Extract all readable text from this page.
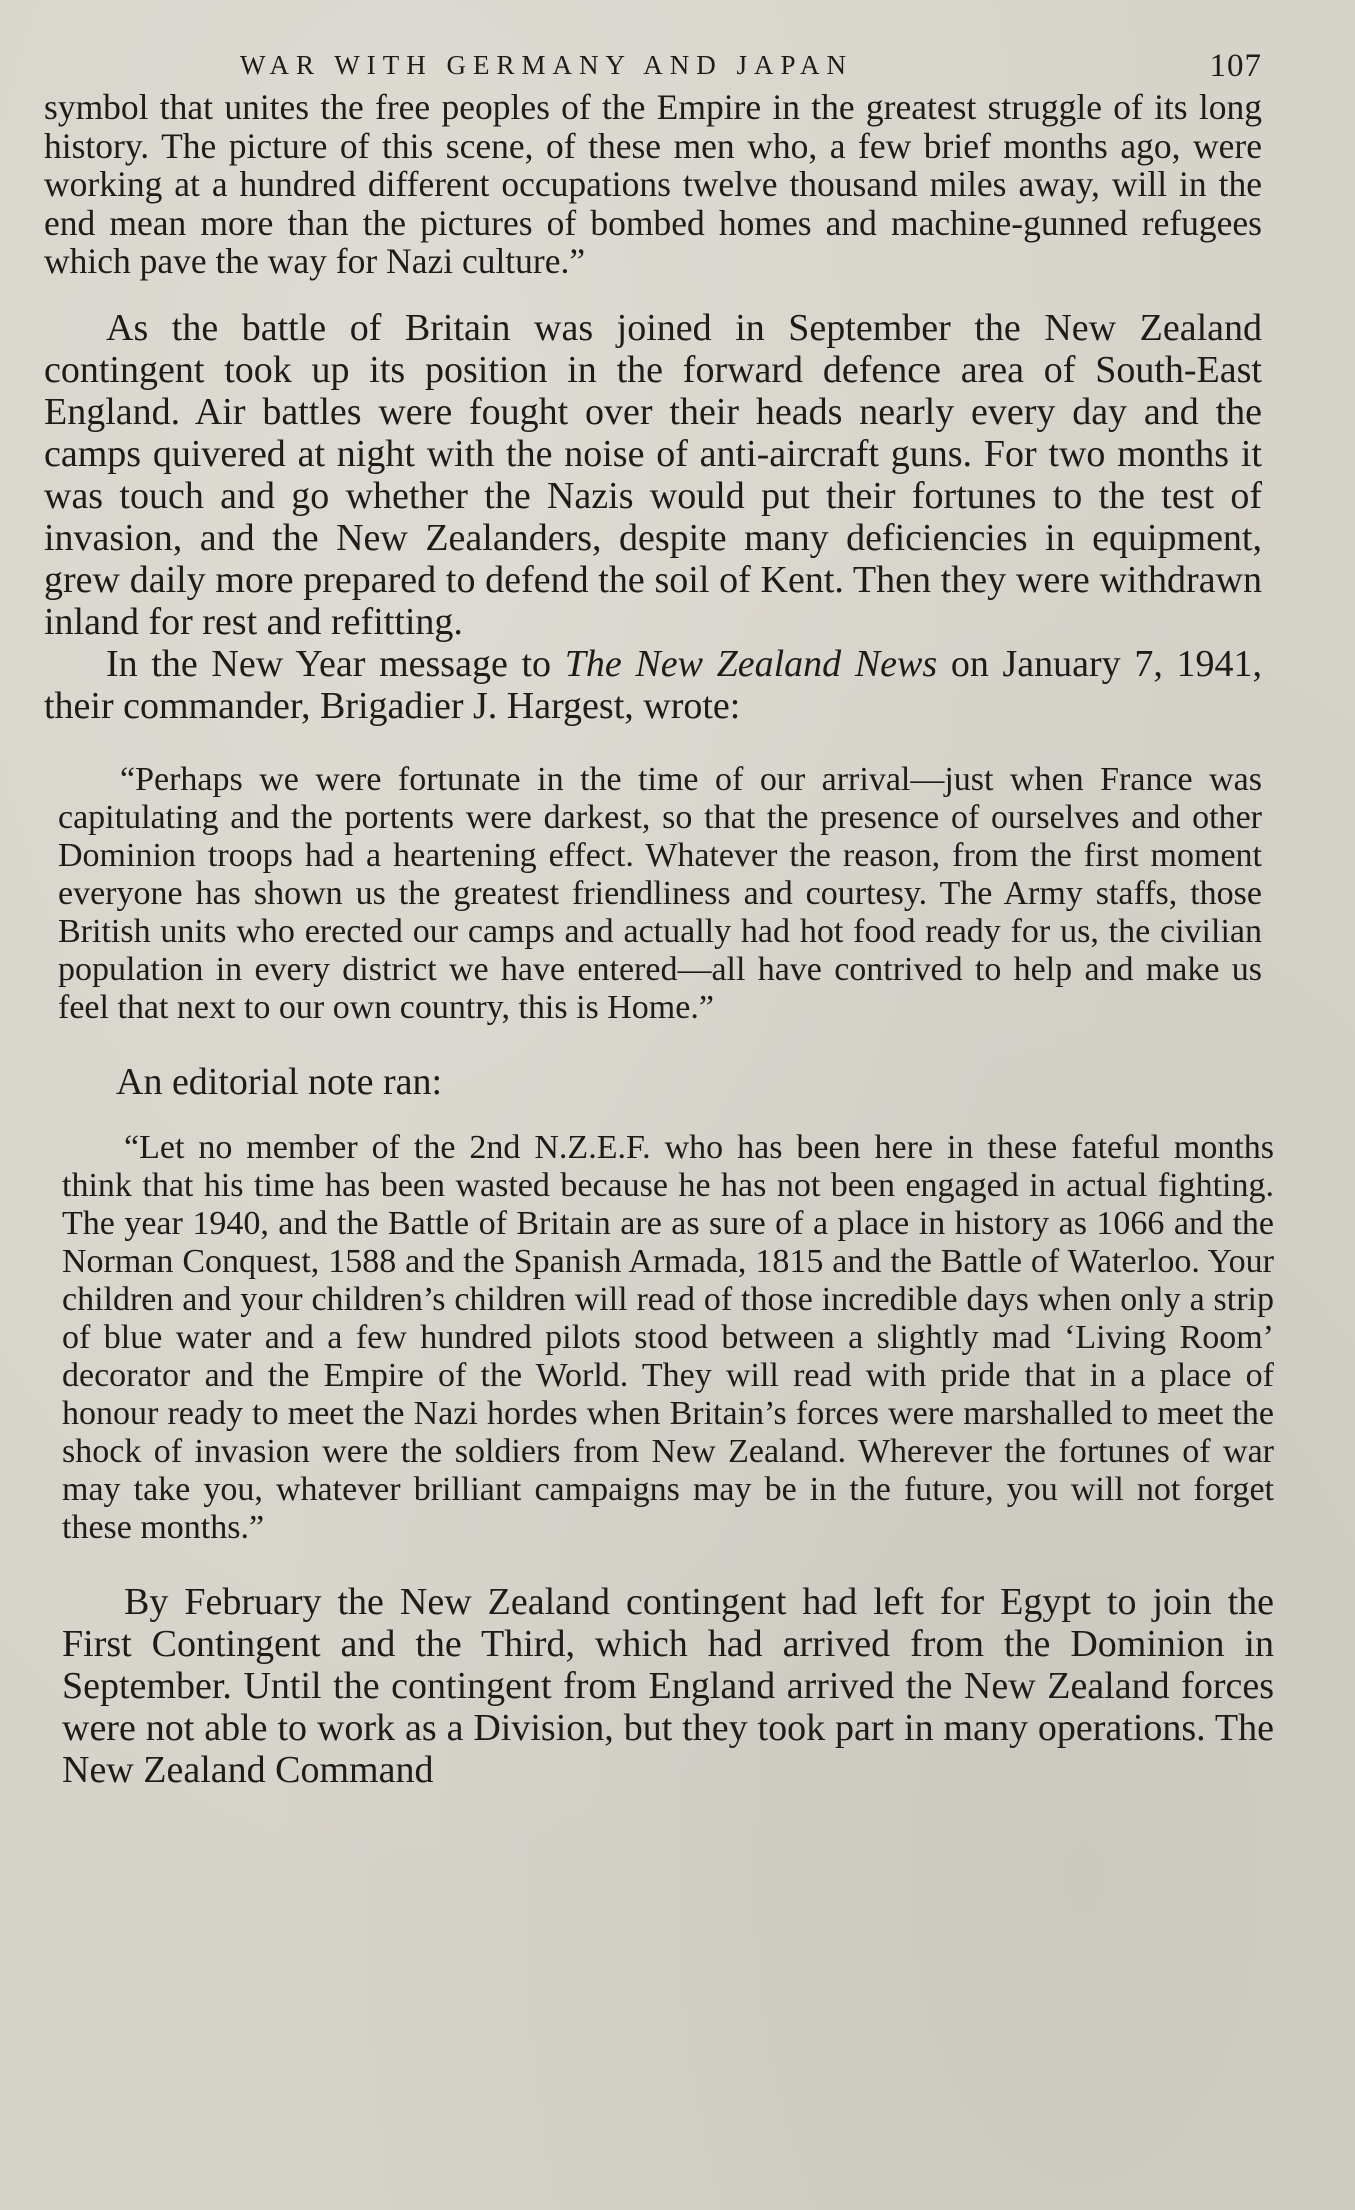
WAR WITH GERMANY AND JAPAN	107

symbol that unites the free peoples of the Empire in the greatest struggle of its long history. The picture of this scene, of these men who, a few brief months ago, were working at a hundred different occupations twelve thousand miles away, will in the end mean more than the pictures of bombed homes and machine-gunned refugees which pave the way for Nazi culture.”

As the battle of Britain was joined in September the New Zealand contingent took up its position in the forward defence area of South-East England. Air battles were fought over their heads nearly every day and the camps quivered at night with the noise of anti-aircraft guns. For two months it was touch and go whether the Nazis would put their fortunes to the test of invasion, and the New Zealanders, despite many deficiencies in equipment, grew daily more prepared to defend the soil of Kent. Then they were withdrawn inland for rest and refitting.

In the New Year message to The New Zealand News on January 7, 1941, their commander, Brigadier J. Hargest, wrote:

“Perhaps we were fortunate in the time of our arrival—just when France was capitulating and the portents were darkest, so that the presence of ourselves and other Dominion troops had a heartening effect. Whatever the reason, from the first moment everyone has shown us the greatest friendliness and courtesy. The Army staffs, those British units who erected our camps and actually had hot food ready for us, the civilian population in every district we have entered—all have contrived to help and make us feel that next to our own country, this is Home.”

An editorial note ran:

“Let no member of the 2nd N.Z.E.F. who has been here in these fateful months think that his time has been wasted because he has not been engaged in actual fighting. The year 1940, and the Battle of Britain are as sure of a place in history as 1066 and the Norman Conquest, 1588 and the Spanish Armada, 1815 and the Battle of Waterloo. Your children and your children’s children will read of those incredible days when only a strip of blue water and a few hundred pilots stood between a slightly mad ‘Living Room’ decorator and the Empire of the World. They will read with pride that in a place of honour ready to meet the Nazi hordes when Britain’s forces were marshalled to meet the shock of invasion were the soldiers from New Zealand. Wherever the fortunes of war may take you, whatever brilliant campaigns may be in the future, you will not forget these months.”

By February the New Zealand contingent had left for Egypt to join the First Contingent and the Third, which had arrived from the Dominion in September. Until the contingent from England arrived the New Zealand forces were not able to work as a Division, but they took part in many operations. The New Zealand Command
